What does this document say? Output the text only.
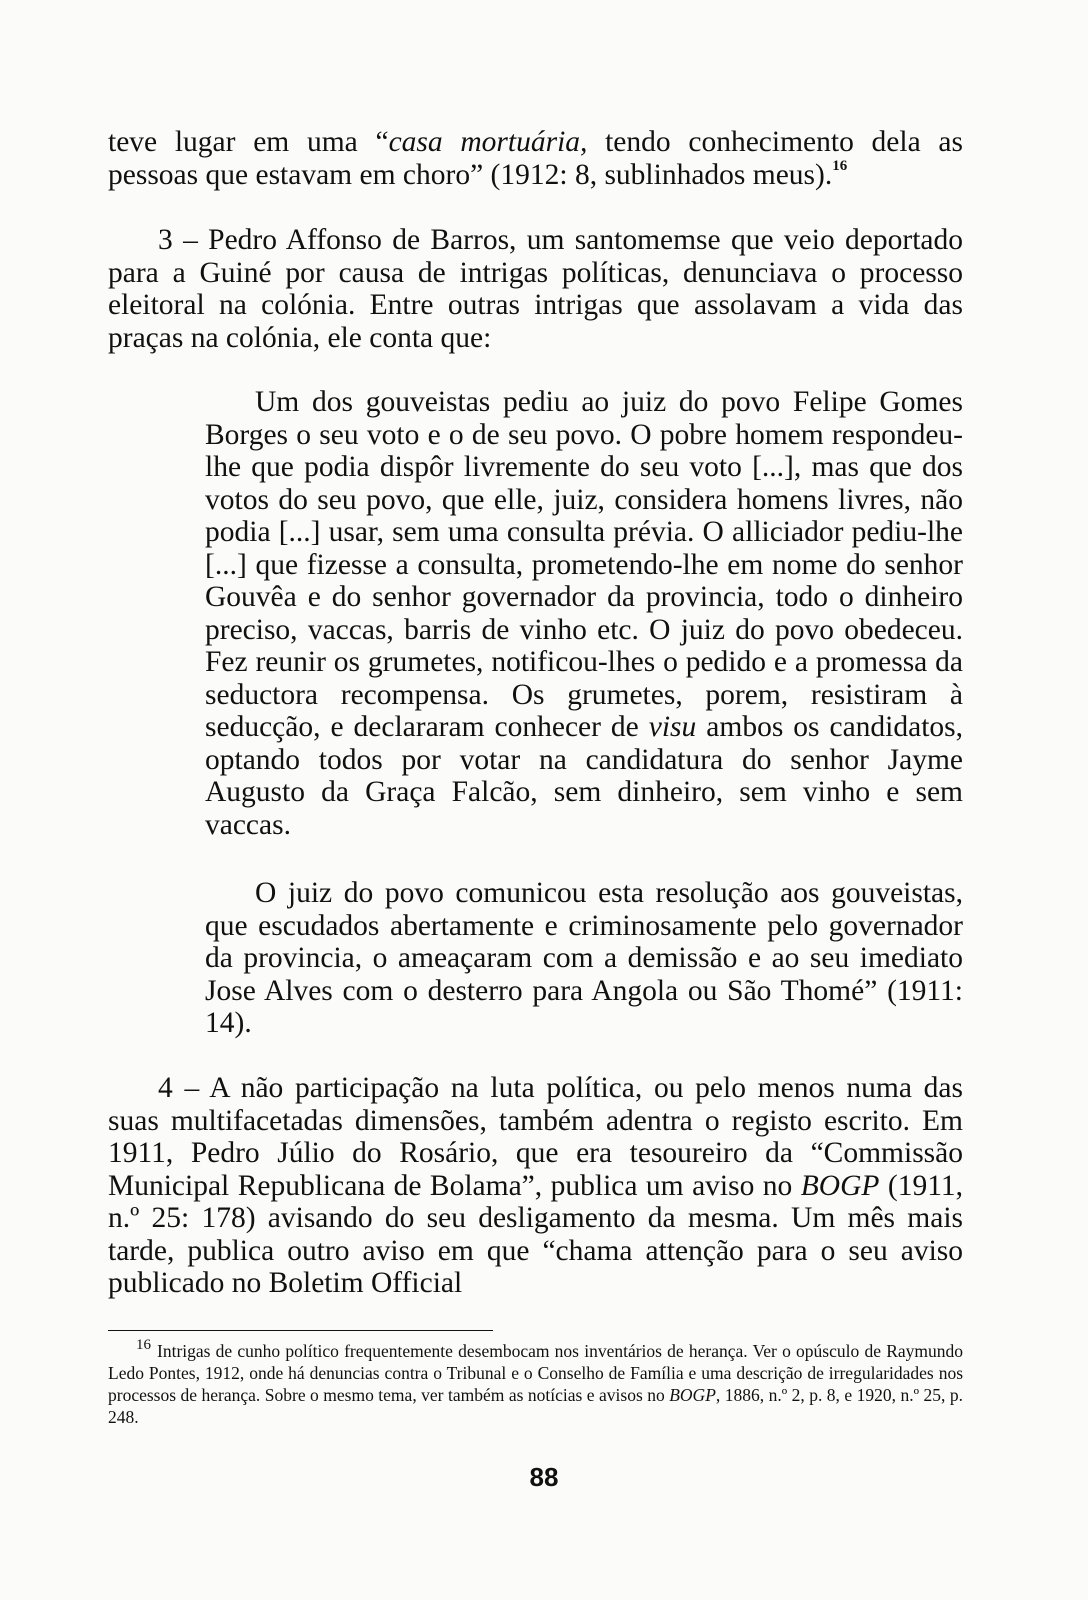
teve lugar em uma “casa mortuária, tendo conhecimento dela as pessoas que estavam em choro” (1912: 8, sublinhados meus).$^{16}$

3 – Pedro Affonso de Barros, um santomemse que veio deportado para a Guiné por causa de intrigas políticas, denunciava o processo eleitoral na colónia. Entre outras intrigas que assolavam a vida das praças na colónia, ele conta que:

Um dos gouveistas pediu ao juiz do povo Felipe Gomes Borges o seu voto e o de seu povo. O pobre homem respondeu-lhe que podia dispôr livremente do seu voto [...], mas que dos votos do seu povo, que elle, juiz, considera homens livres, não podia [...] usar, sem uma consulta prévia. O alliciador pediu-lhe [...] que fizesse a consulta, prometendo-lhe em nome do senhor Gouvêa e do senhor governador da provincia, todo o dinheiro preciso, vaccas, barris de vinho etc. O juiz do povo obedeceu. Fez reunir os grumetes, notificou-lhes o pedido e a promessa da seductora recompensa. Os grumetes, porem, resistiram à seducção, e declararam conhecer de visu ambos os candidatos, optando todos por votar na candidatura do senhor Jayme Augusto da Graça Falcão, sem dinheiro, sem vinho e sem vaccas.

O juiz do povo comunicou esta resolução aos gouveistas, que escudados abertamente e criminosamente pelo governador da provincia, o ameaçaram com a demissão e ao seu imediato Jose Alves com o desterro para Angola ou São Thomé” (1911: 14).

4 – A não participação na luta política, ou pelo menos numa das suas multifacetadas dimensões, também adentra o registo escrito. Em 1911, Pedro Júlio do Rosário, que era tesoureiro da “Commissão Municipal Republicana de Bolama”, publica um aviso no BOGP (1911, n.º 25: 178) avisando do seu desligamento da mesma. Um mês mais tarde, publica outro aviso em que “chama attenção para o seu aviso publicado no Boletim Official

$^{16}$ Intrigas de cunho político frequentemente desembocam nos inventários de herança. Ver o opúsculo de Raymundo Ledo Pontes, 1912, onde há denuncias contra o Tribunal e o Conselho de Família e uma descrição de irregularidades nos processos de herança. Sobre o mesmo tema, ver também as notícias e avisos no BOGP, 1886, n.º 2, p. 8, e 1920, n.º 25, p. 248.

88
